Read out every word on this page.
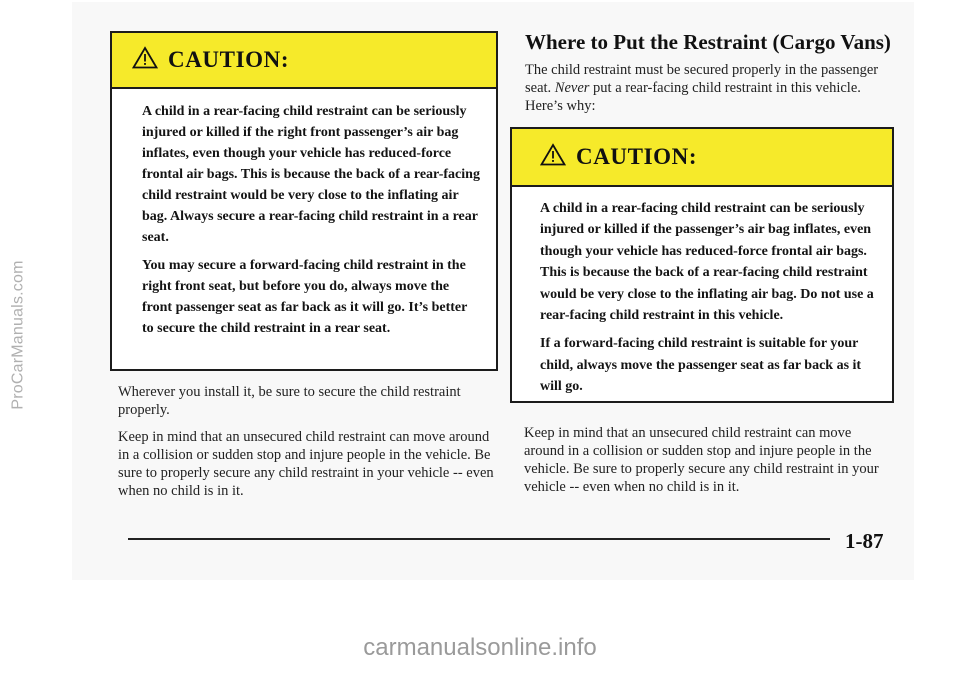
ProCarManuals.com
CAUTION:

A child in a rear-facing child restraint can be seriously injured or killed if the right front passenger’s air bag inflates, even though your vehicle has reduced-force frontal air bags. This is because the back of a rear-facing child restraint would be very close to the inflating air bag. Always secure a rear-facing child restraint in a rear seat.

You may secure a forward-facing child restraint in the right front seat, but before you do, always move the front passenger seat as far back as it will go. It’s better to secure the child restraint in a rear seat.

Wherever you install it, be sure to secure the child restraint properly.

Keep in mind that an unsecured child restraint can move around in a collision or sudden stop and injure people in the vehicle. Be sure to properly secure any child restraint in your vehicle -- even when no child is in it.

Where to Put the Restraint (Cargo Vans)
The child restraint must be secured properly in the passenger seat. Never put a rear-facing child restraint in this vehicle. Here’s why:
CAUTION:

A child in a rear-facing child restraint can be seriously injured or killed if the passenger’s air bag inflates, even though your vehicle has reduced-force frontal air bags. This is because the back of a rear-facing child restraint would be very close to the inflating air bag. Do not use a rear-facing child restraint in this vehicle.

If a forward-facing child restraint is suitable for your child, always move the passenger seat as far back as it will go.

Keep in mind that an unsecured child restraint can move around in a collision or sudden stop and injure people in the vehicle. Be sure to properly secure any child restraint in your vehicle -- even when no child is in it.

1-87
carmanualsonline.info
